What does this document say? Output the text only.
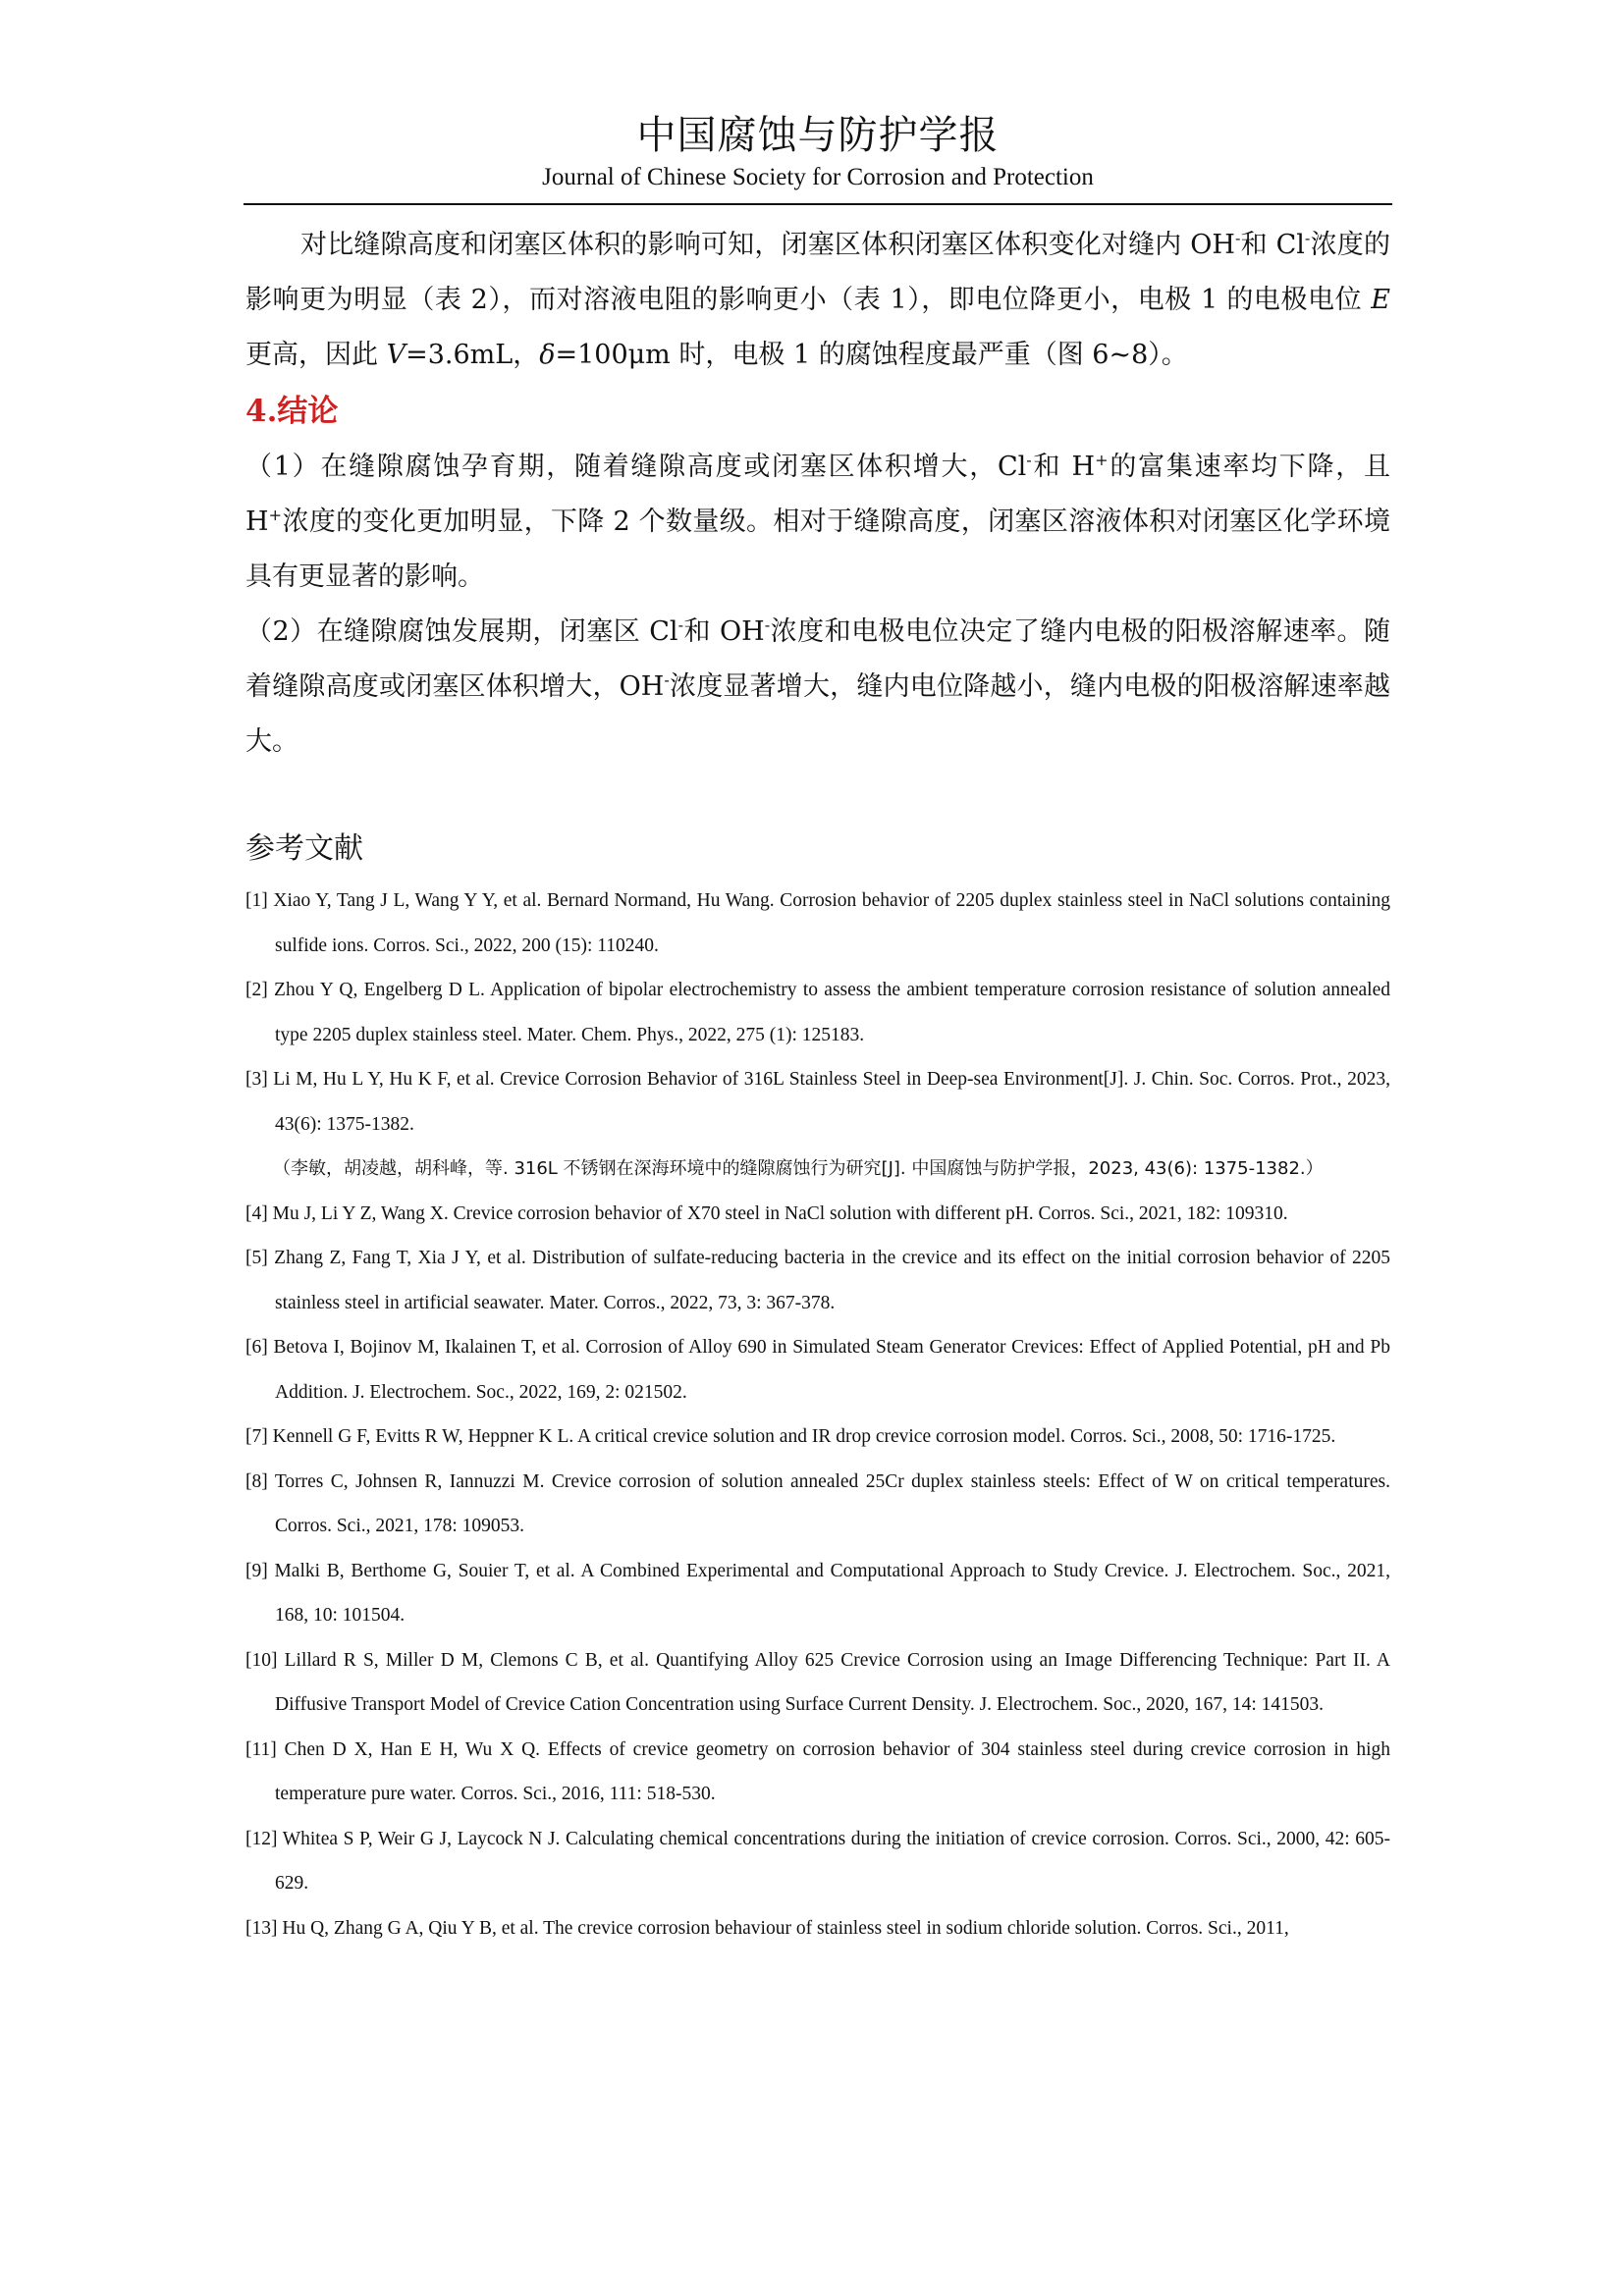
中国腐蚀与防护学报
Journal of Chinese Society for Corrosion and Protection

对比缝隙高度和闭塞区体积的影响可知，闭塞区体积闭塞区体积变化对缝内 OH-和 Cl-浓度的影响更为明显（表 2），而对溶液电阻的影响更小（表 1），即电位降更小，电极 1 的电极电位 E 更高，因此 V=3.6mL，δ=100μm 时，电极 1 的腐蚀程度最严重（图 6~8）。

4.结论

（1）在缝隙腐蚀孕育期，随着缝隙高度或闭塞区体积增大，Cl-和 H+的富集速率均下降，且 H+浓度的变化更加明显，下降 2 个数量级。相对于缝隙高度，闭塞区溶液体积对闭塞区化学环境具有更显著的影响。

（2）在缝隙腐蚀发展期，闭塞区 Cl-和 OH-浓度和电极电位决定了缝内电极的阳极溶解速率。随着缝隙高度或闭塞区体积增大，OH-浓度显著增大，缝内电位降越小，缝内电极的阳极溶解速率越大。

参考文献

[1] Xiao Y, Tang J L, Wang Y Y, et al. Bernard Normand, Hu Wang. Corrosion behavior of 2205 duplex stainless steel in NaCl solutions containing sulfide ions. Corros. Sci., 2022, 200 (15): 110240.

[2] Zhou Y Q, Engelberg D L. Application of bipolar electrochemistry to assess the ambient temperature corrosion resistance of solution annealed type 2205 duplex stainless steel. Mater. Chem. Phys., 2022, 275 (1): 125183.

[3] Li M, Hu L Y, Hu K F, et al. Crevice Corrosion Behavior of 316L Stainless Steel in Deep-sea Environment[J]. J. Chin. Soc. Corros. Prot., 2023, 43(6): 1375-1382.

（李敏，胡凌越，胡科峰，等. 316L 不锈钢在深海环境中的缝隙腐蚀行为研究[J]. 中国腐蚀与防护学报，2023, 43(6): 1375-1382.）

[4] Mu J, Li Y Z, Wang X. Crevice corrosion behavior of X70 steel in NaCl solution with different pH. Corros. Sci., 2021, 182: 109310.

[5] Zhang Z, Fang T, Xia J Y, et al. Distribution of sulfate-reducing bacteria in the crevice and its effect on the initial corrosion behavior of 2205 stainless steel in artificial seawater. Mater. Corros., 2022, 73, 3: 367-378.

[6] Betova I, Bojinov M, Ikalainen T, et al. Corrosion of Alloy 690 in Simulated Steam Generator Crevices: Effect of Applied Potential, pH and Pb Addition. J. Electrochem. Soc., 2022, 169, 2: 021502.

[7] Kennell G F, Evitts R W, Heppner K L. A critical crevice solution and IR drop crevice corrosion model. Corros. Sci., 2008, 50: 1716-1725.

[8] Torres C, Johnsen R, Iannuzzi M. Crevice corrosion of solution annealed 25Cr duplex stainless steels: Effect of W on critical temperatures. Corros. Sci., 2021, 178: 109053.

[9] Malki B, Berthome G, Souier T, et al. A Combined Experimental and Computational Approach to Study Crevice. J. Electrochem. Soc., 2021, 168, 10: 101504.

[10] Lillard R S, Miller D M, Clemons C B, et al. Quantifying Alloy 625 Crevice Corrosion using an Image Differencing Technique: Part II. A Diffusive Transport Model of Crevice Cation Concentration using Surface Current Density. J. Electrochem. Soc., 2020, 167, 14: 141503.

[11] Chen D X, Han E H, Wu X Q. Effects of crevice geometry on corrosion behavior of 304 stainless steel during crevice corrosion in high temperature pure water. Corros. Sci., 2016, 111: 518-530.

[12] Whitea S P, Weir G J, Laycock N J. Calculating chemical concentrations during the initiation of crevice corrosion. Corros. Sci., 2000, 42: 605-629.

[13] Hu Q, Zhang G A, Qiu Y B, et al. The crevice corrosion behaviour of stainless steel in sodium chloride solution. Corros. Sci., 2011,
